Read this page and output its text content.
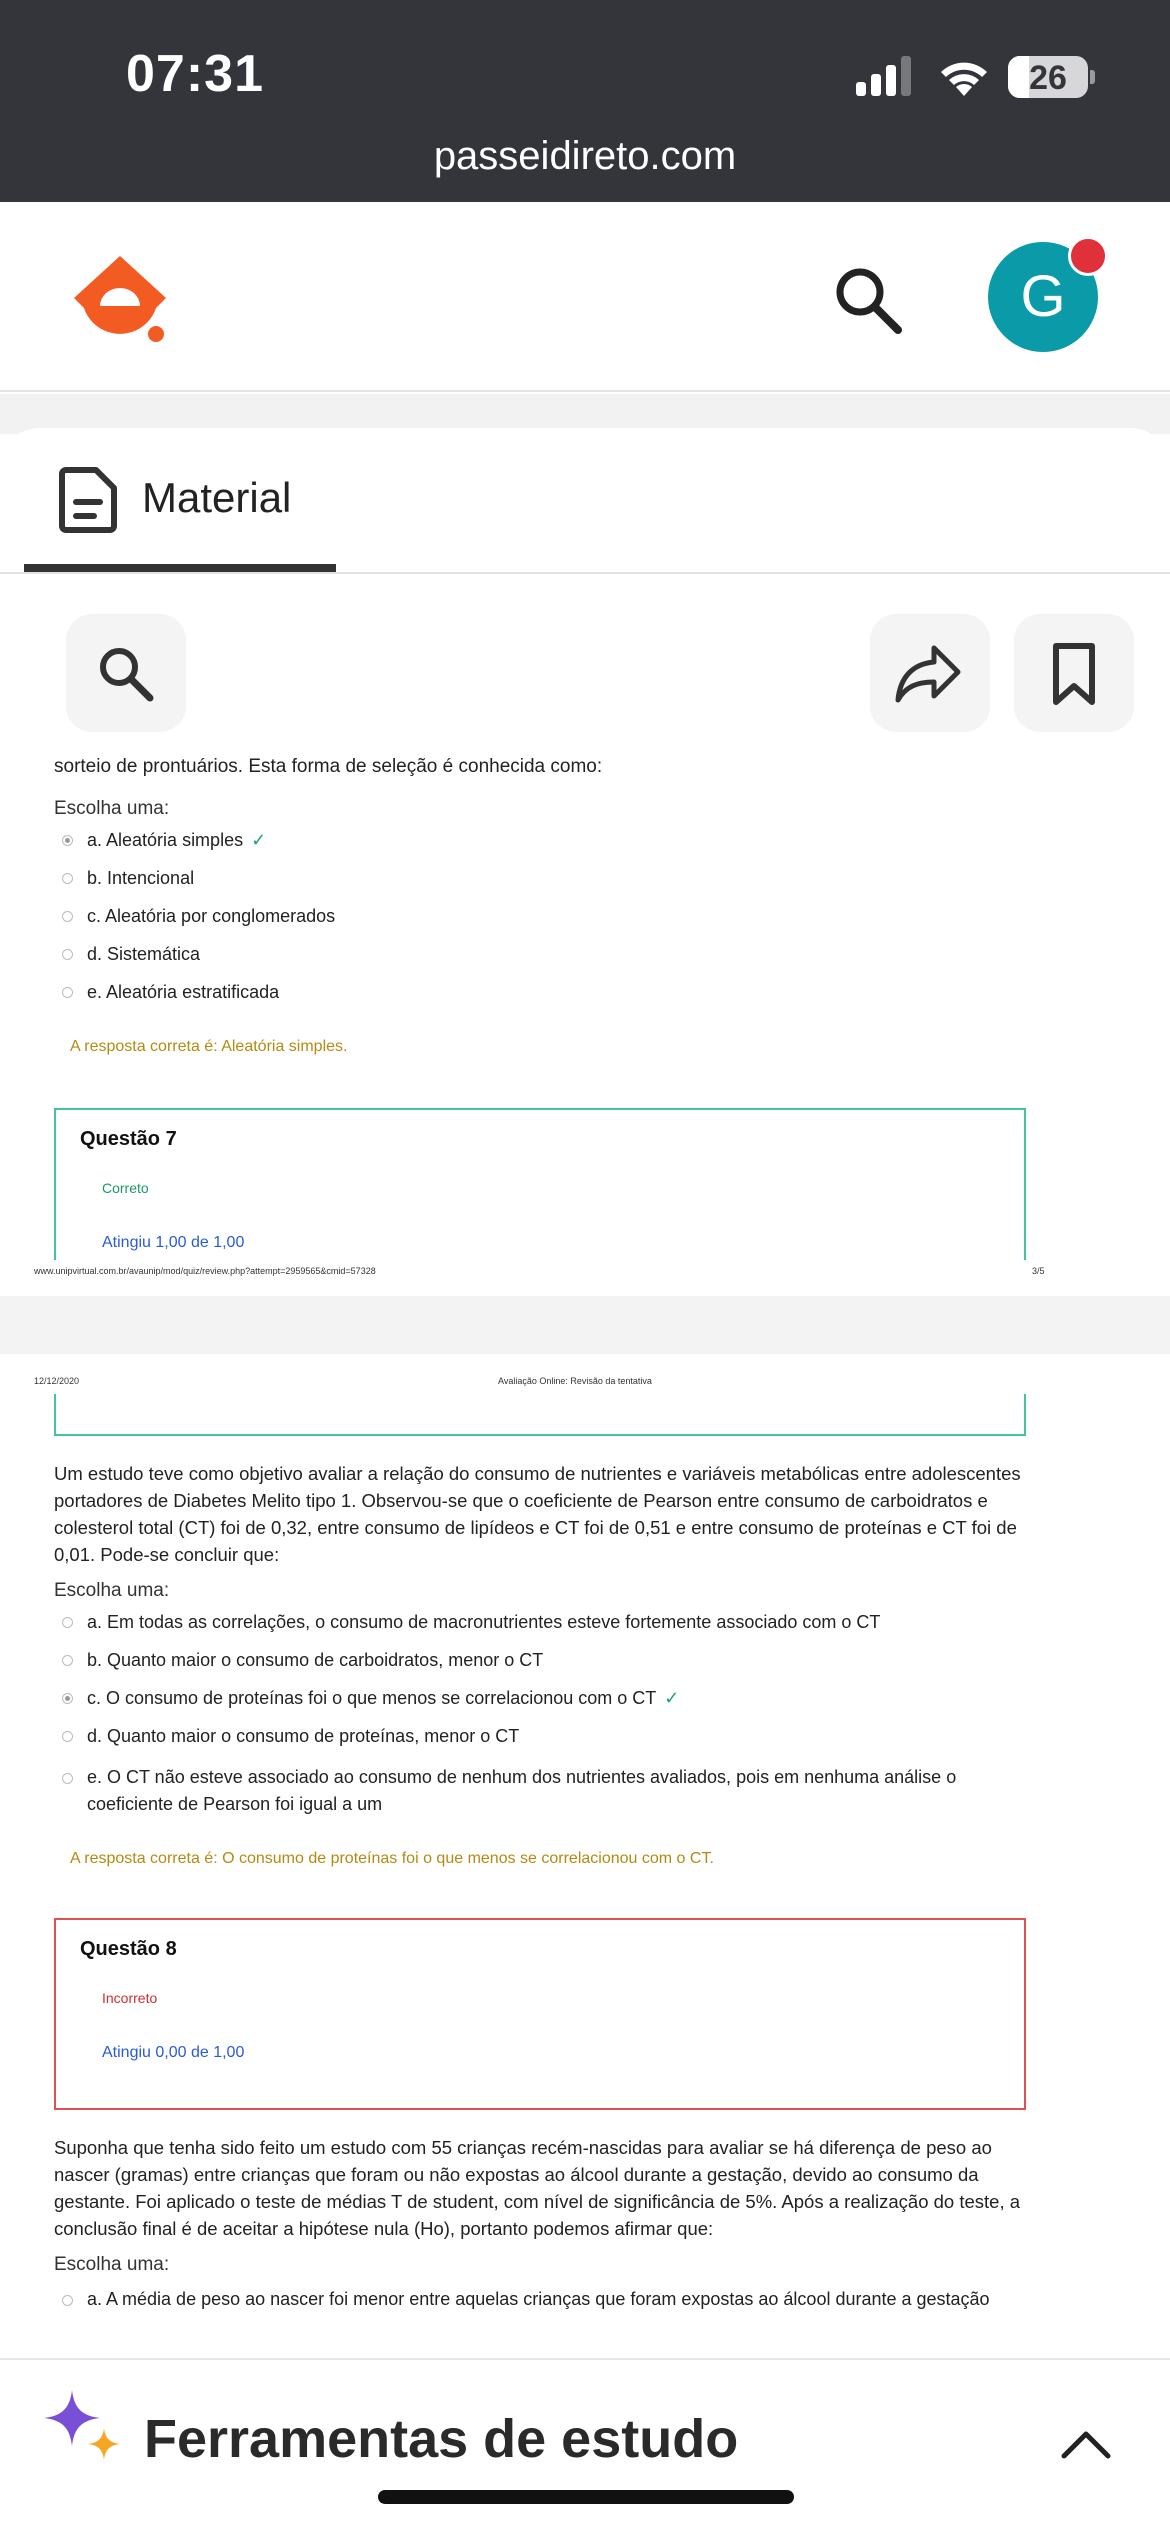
07:31	26
passeidireto.com
G
Material
sorteio de prontuários. Esta forma de seleção é conhecida como:
Escolha uma:
a. Aleatória simples ✓
b. Intencional
c. Aleatória por conglomerados
d. Sistemática
e. Aleatória estratificada
A resposta correta é: Aleatória simples.
Questão 7
Correto
Atingiu 1,00 de 1,00
www.unipvirtual.com.br/avaunip/mod/quiz/review.php?attempt=2959565&cmid=57328	3/5
12/12/2020	Avaliação Online: Revisão da tentativa
Um estudo teve como objetivo avaliar a relação do consumo de nutrientes e variáveis metabólicas entre adolescentes portadores de Diabetes Melito tipo 1. Observou-se que o coeficiente de Pearson entre consumo de carboidratos e colesterol total (CT) foi de 0,32, entre consumo de lipídeos e CT foi de 0,51 e entre consumo de proteínas e CT foi de 0,01. Pode-se concluir que:
Escolha uma:
a. Em todas as correlações, o consumo de macronutrientes esteve fortemente associado com o CT
b. Quanto maior o consumo de carboidratos, menor o CT
c. O consumo de proteínas foi o que menos se correlacionou com o CT ✓
d. Quanto maior o consumo de proteínas, menor o CT
e. O CT não esteve associado ao consumo de nenhum dos nutrientes avaliados, pois em nenhuma análise o coeficiente de Pearson foi igual a um
A resposta correta é: O consumo de proteínas foi o que menos se correlacionou com o CT.
Questão 8
Incorreto
Atingiu 0,00 de 1,00
Suponha que tenha sido feito um estudo com 55 crianças recém-nascidas para avaliar se há diferença de peso ao nascer (gramas) entre crianças que foram ou não expostas ao álcool durante a gestação, devido ao consumo da gestante. Foi aplicado o teste de médias T de student, com nível de significância de 5%. Após a realização do teste, a conclusão final é de aceitar a hipótese nula (Ho), portanto podemos afirmar que:
Escolha uma:
a. A média de peso ao nascer foi menor entre aquelas crianças que foram expostas ao álcool durante a gestação
Ferramentas de estudo
